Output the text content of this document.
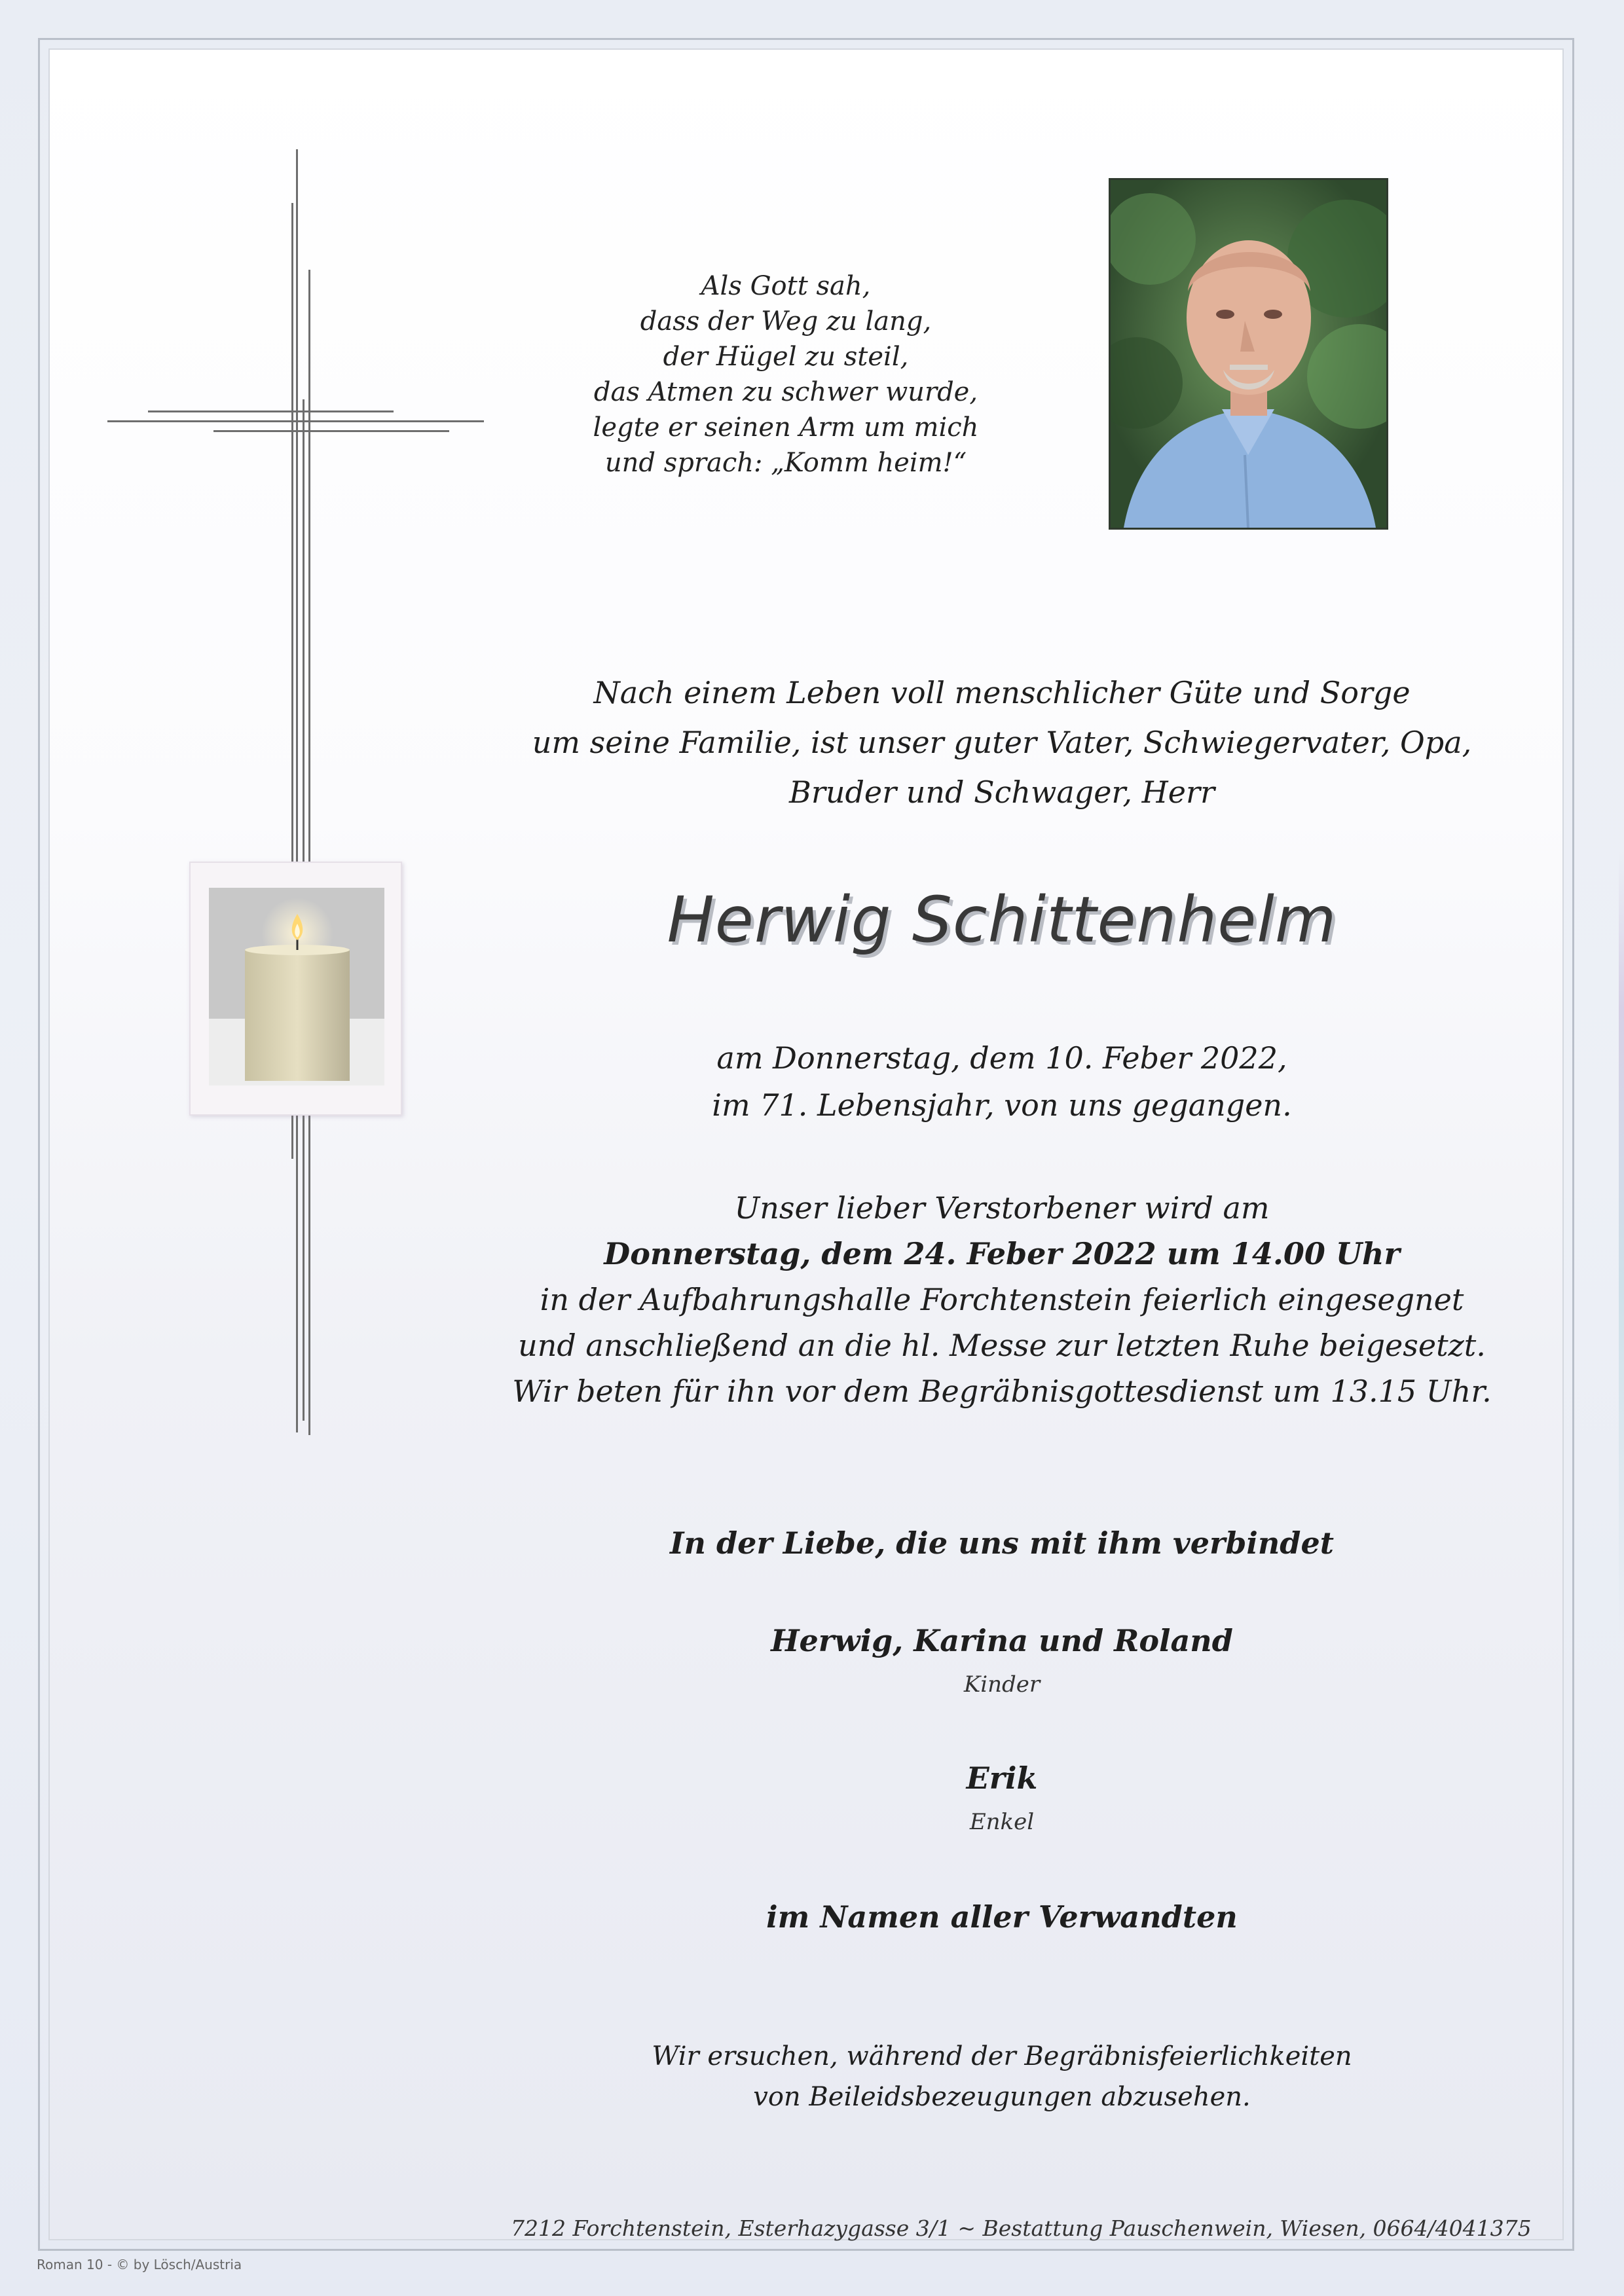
Als Gott sah,
dass der Weg zu lang,
der Hügel zu steil,
das Atmen zu schwer wurde,
legte er seinen Arm um mich
und sprach: „Komm heim!“
Nach einem Leben voll menschlicher Güte und Sorge
um seine Familie, ist unser guter Vater, Schwiegervater, Opa,
Bruder und Schwager, Herr
Herwig Schittenhelm
am Donnerstag, dem 10. Feber 2022,
im 71. Lebensjahr, von uns gegangen.
Unser lieber Verstorbener wird am
Donnerstag, dem 24. Feber 2022 um 14.00 Uhr
in der Aufbahrungshalle Forchtenstein feierlich eingesegnet
und anschließend an die hl. Messe zur letzten Ruhe beigesetzt.
Wir beten für ihn vor dem Begräbnisgottesdienst um 13.15 Uhr.
In der Liebe, die uns mit ihm verbindet
Herwig, Karina und Roland
Kinder
Erik
Enkel
im Namen aller Verwandten
Wir ersuchen, während der Begräbnisfeierlichkeiten
von Beileidsbezeugungen abzusehen.
7212 Forchtenstein, Esterhazygasse 3/1 ~ Bestattung Pauschenwein, Wiesen, 0664/4041375
Roman 10 - © by Lösch/Austria
